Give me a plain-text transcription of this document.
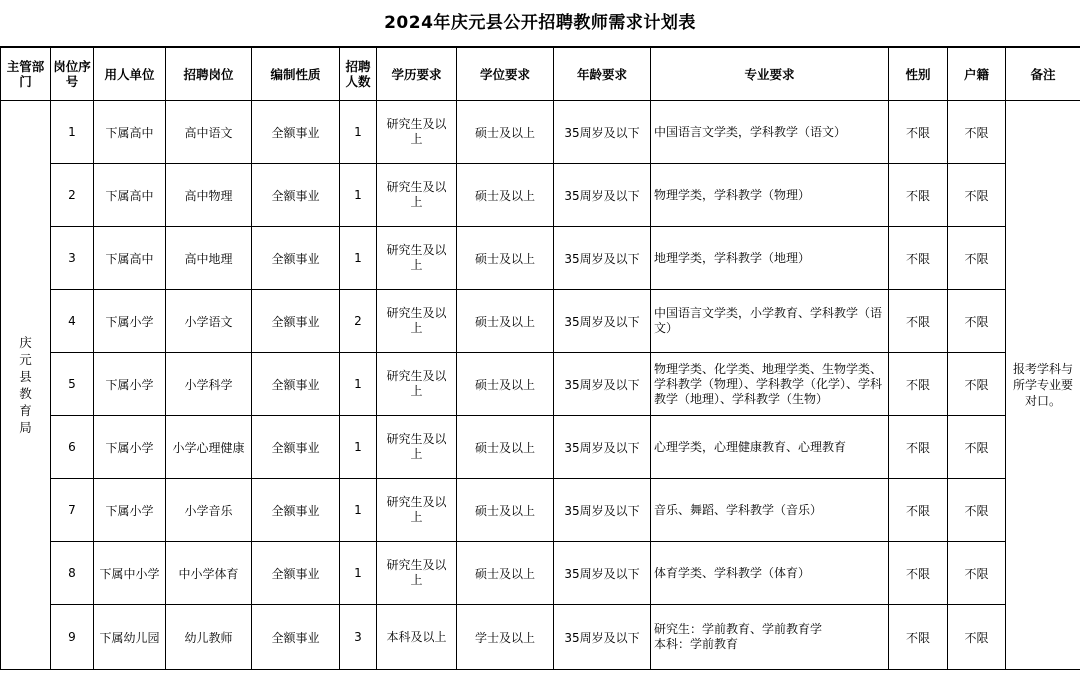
2024年庆元县公开招聘教师需求计划表
主管部门	岗位序号	用人单位	招聘岗位	编制性质	招聘人数	学历要求	学位要求	年龄要求	专业要求	性别	户籍	备注
庆元县教育局	1	下属高中	高中语文	全额事业	1	研究生及以上	硕士及以上	35周岁及以下	中国语言文学类，学科教学（语文）	不限	不限	报考学科与所学专业要对口。
	2	下属高中	高中物理	全额事业	1	研究生及以上	硕士及以上	35周岁及以下	物理学类，学科教学（物理）	不限	不限	
	3	下属高中	高中地理	全额事业	1	研究生及以上	硕士及以上	35周岁及以下	地理学类，学科教学（地理）	不限	不限	
	4	下属小学	小学语文	全额事业	2	研究生及以上	硕士及以上	35周岁及以下	中国语言文学类，小学教育、学科教学（语文）	不限	不限	
	5	下属小学	小学科学	全额事业	1	研究生及以上	硕士及以上	35周岁及以下	物理学类、化学类、地理学类、生物学类、学科教学（物理）、学科教学（化学）、学科教学（地理）、学科教学（生物）	不限	不限	
	6	下属小学	小学心理健康	全额事业	1	研究生及以上	硕士及以上	35周岁及以下	心理学类，心理健康教育、心理教育	不限	不限	
	7	下属小学	小学音乐	全额事业	1	研究生及以上	硕士及以上	35周岁及以下	音乐、舞蹈、学科教学（音乐）	不限	不限	
	8	下属中小学	中小学体育	全额事业	1	研究生及以上	硕士及以上	35周岁及以下	体育学类、学科教学（体育）	不限	不限	
	9	下属幼儿园	幼儿教师	全额事业	3	本科及以上	学士及以上	35周岁及以下	研究生：学前教育、学前教育学
本科：学前教育	不限	不限	
